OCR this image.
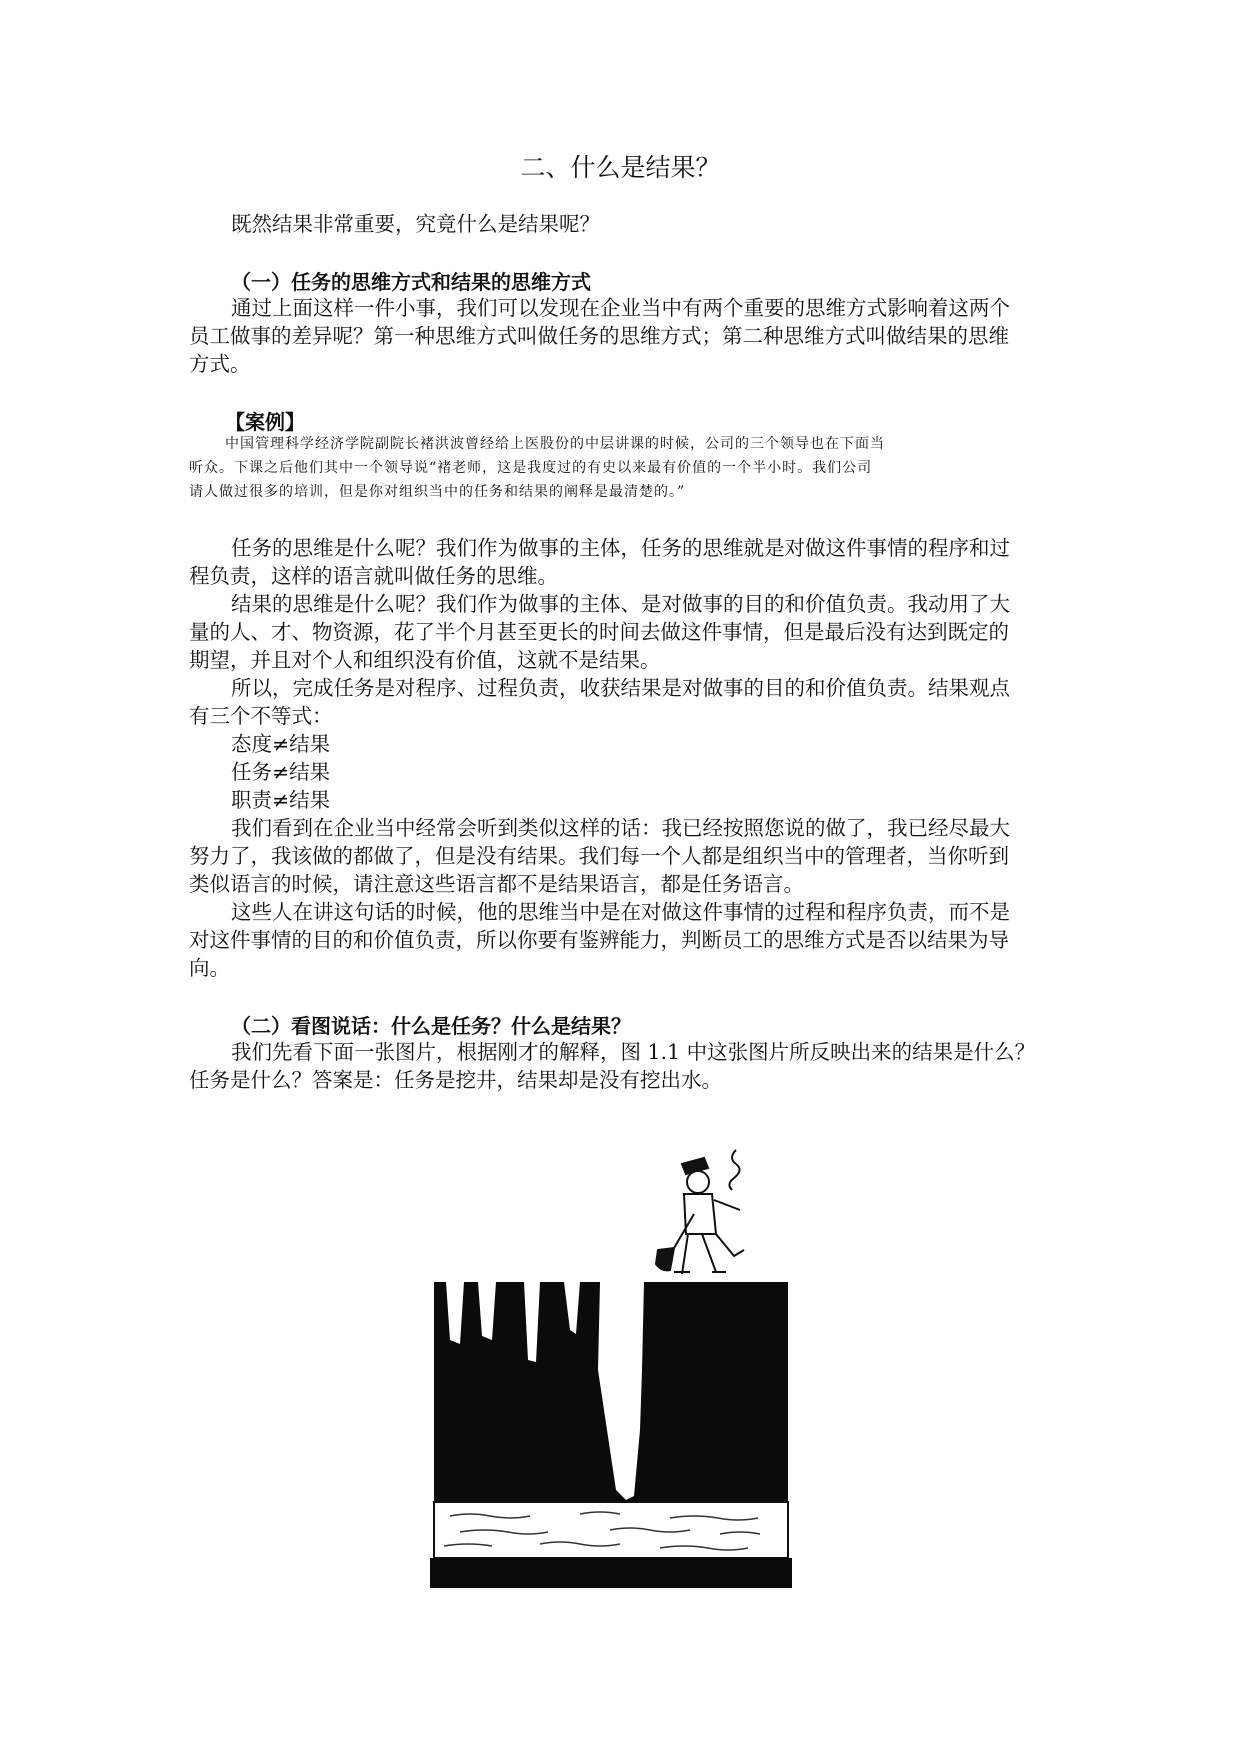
二、什么是结果？
既然结果非常重要，究竟什么是结果呢？
（一）任务的思维方式和结果的思维方式
通过上面这样一件小事，我们可以发现在企业当中有两个重要的思维方式影响着这两个
员工做事的差异呢？第一种思维方式叫做任务的思维方式；第二种思维方式叫做结果的思维
方式。
【案例】
中国管理科学经济学院副院长褚洪波曾经给上医股份的中层讲课的时候，公司的三个领导也在下面当
听众。下课之后他们其中一个领导说“褚老师，这是我度过的有史以来最有价值的一个半小时。我们公司
请人做过很多的培训，但是你对组织当中的任务和结果的阐释是最清楚的。”
任务的思维是什么呢？我们作为做事的主体，任务的思维就是对做这件事情的程序和过
程负责，这样的语言就叫做任务的思维。
结果的思维是什么呢？我们作为做事的主体、是对做事的目的和价值负责。我动用了大
量的人、才、物资源，花了半个月甚至更长的时间去做这件事情，但是最后没有达到既定的
期望，并且对个人和组织没有价值，这就不是结果。
所以，完成任务是对程序、过程负责，收获结果是对做事的目的和价值负责。结果观点
有三个不等式：
态度≠结果
任务≠结果
职责≠结果
我们看到在企业当中经常会听到类似这样的话：我已经按照您说的做了，我已经尽最大
努力了，我该做的都做了，但是没有结果。我们每一个人都是组织当中的管理者，当你听到
类似语言的时候，请注意这些语言都不是结果语言，都是任务语言。
这些人在讲这句话的时候，他的思维当中是在对做这件事情的过程和程序负责，而不是
对这件事情的目的和价值负责，所以你要有鉴辨能力，判断员工的思维方式是否以结果为导
向。
（二）看图说话：什么是任务？什么是结果？
我们先看下面一张图片，根据刚才的解释，图 1.1 中这张图片所反映出来的结果是什么？
任务是什么？答案是：任务是挖井，结果却是没有挖出水。
